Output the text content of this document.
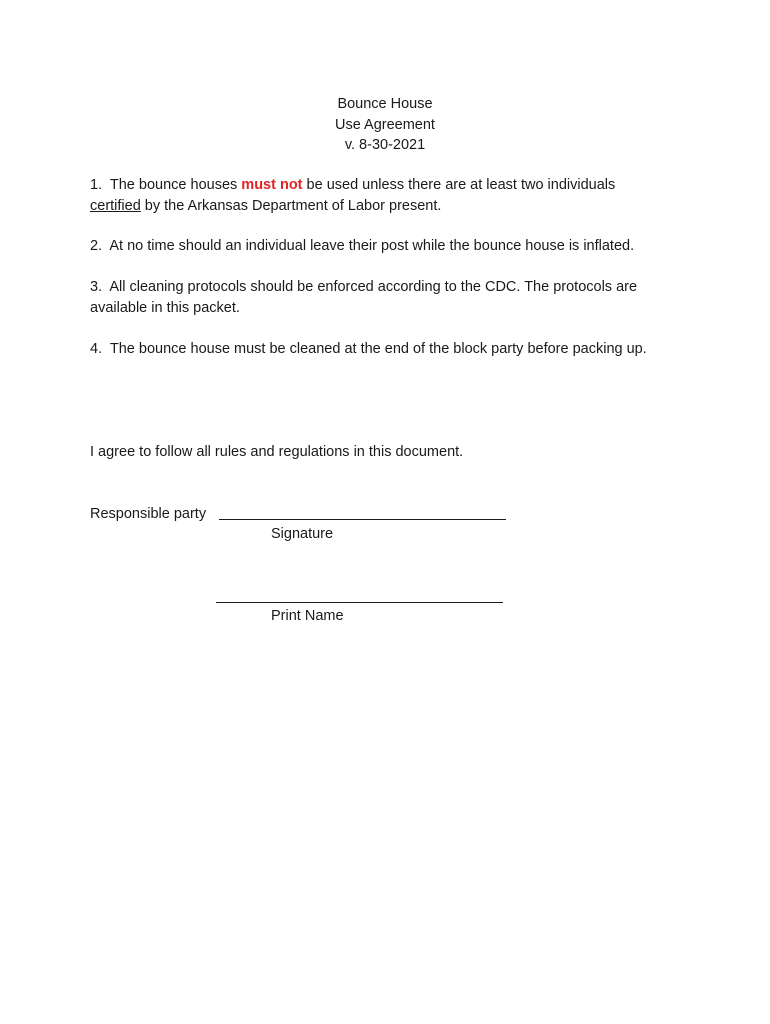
Bounce House
Use Agreement
v. 8-30-2021
1. The bounce houses must not be used unless there are at least two individuals
certified by the Arkansas Department of Labor present.
2. At no time should an individual leave their post while the bounce house is inflated.
3. All cleaning protocols should be enforced according to the CDC. The protocols are
available in this packet.
4. The bounce house must be cleaned at the end of the block party before packing up.
I agree to follow all rules and regulations in this document.
Responsible party
Signature
Print Name
